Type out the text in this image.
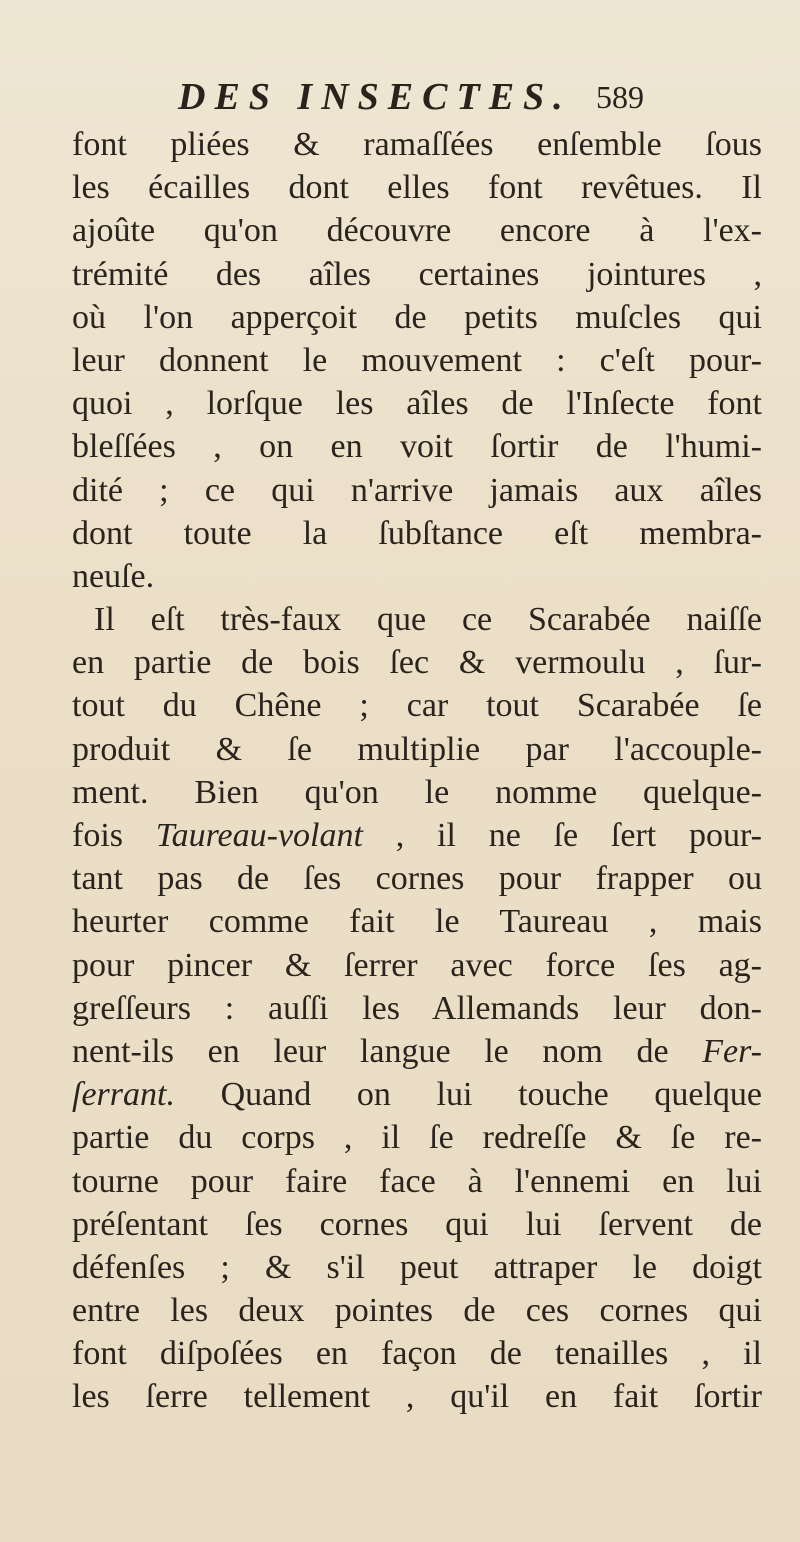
DES INSECTES. 589
font pliées & ramaſſées enſemble ſous
les écailles dont elles font revêtues. Il
ajoûte qu'on découvre encore à l'ex-
trémité des aîles certaines jointures ,
où l'on apperçoit de petits muſcles qui
leur donnent le mouvement : c'eſt pour-
quoi , lorſque les aîles de l'Inſecte font
bleſſées , on en voit ſortir de l'humi-
dité ; ce qui n'arrive jamais aux aîles
dont toute la ſubſtance eſt membra-
neuſe.
Il eſt très-faux que ce Scarabée naiſſe
en partie de bois ſec & vermoulu , ſur-
tout du Chêne ; car tout Scarabée ſe
produit & ſe multiplie par l'accouple-
ment. Bien qu'on le nomme quelque-
fois Taureau-volant , il ne ſe ſert pour-
tant pas de ſes cornes pour frapper ou
heurter comme fait le Taureau , mais
pour pincer & ſerrer avec force ſes ag-
greſſeurs : auſſi les Allemands leur don-
nent-ils en leur langue le nom de Fer-
ſerrant. Quand on lui touche quelque
partie du corps , il ſe redreſſe & ſe re-
tourne pour faire face à l'ennemi en lui
préſentant ſes cornes qui lui ſervent de
défenſes ; & s'il peut attraper le doigt
entre les deux pointes de ces cornes qui
font diſpoſées en façon de tenailles , il
les ſerre tellement , qu'il en fait ſortir
